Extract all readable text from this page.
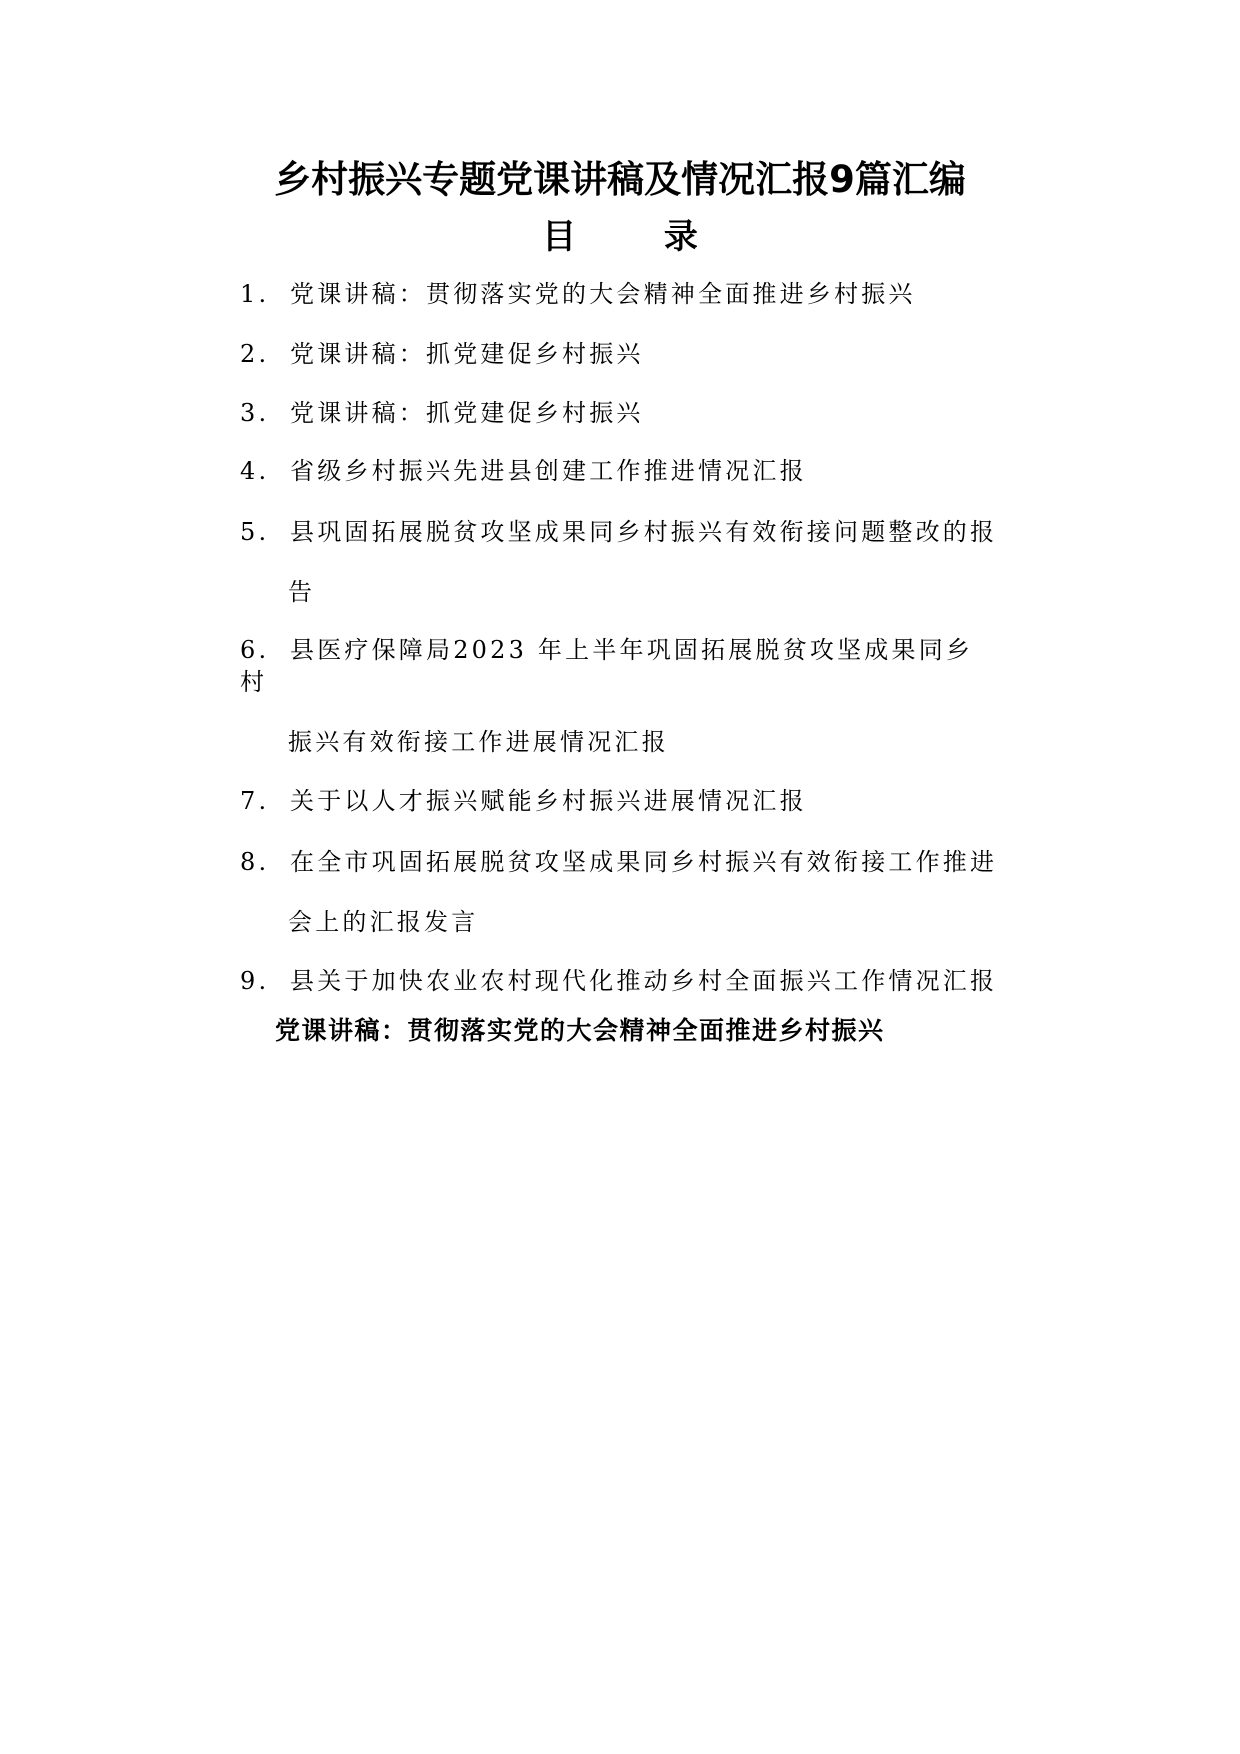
乡村振兴专题党课讲稿及情况汇报9篇汇编
目 录
1. 党课讲稿：贯彻落实党的大会精神全面推进乡村振兴
2. 党课讲稿：抓党建促乡村振兴
3. 党课讲稿：抓党建促乡村振兴
4. 省级乡村振兴先进县创建工作推进情况汇报
5. 县巩固拓展脱贫攻坚成果同乡村振兴有效衔接问题整改的报
告
6. 县医疗保障局2023 年上半年巩固拓展脱贫攻坚成果同乡
村
振兴有效衔接工作进展情况汇报
7. 关于以人才振兴赋能乡村振兴进展情况汇报
8. 在全市巩固拓展脱贫攻坚成果同乡村振兴有效衔接工作推进
会上的汇报发言
9. 县关于加快农业农村现代化推动乡村全面振兴工作情况汇报
党课讲稿：贯彻落实党的大会精神全面推进乡村振兴
